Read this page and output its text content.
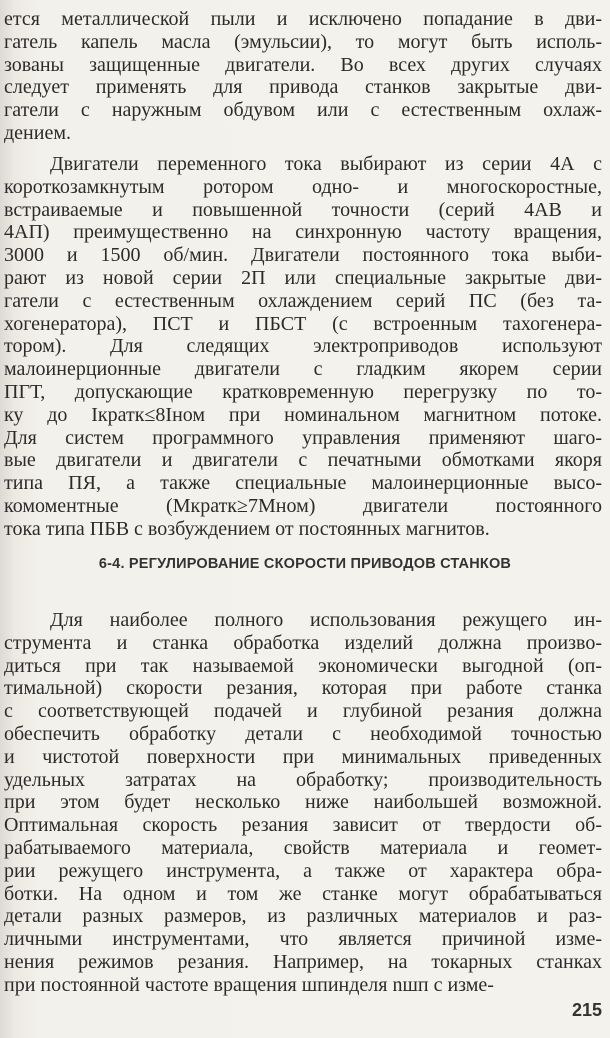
ется металлической пыли и исключено попадание в дви-
гатель капель масла (эмульсии), то могут быть исполь-
зованы защищенные двигатели. Во всех других случаях
следует применять для привода станков закрытые дви-
гатели с наружным обдувом или с естественным охлаж-
дением.
Двигатели переменного тока выбирают из серии 4А с
короткозамкнутым ротором одно- и многоскоростные,
встраиваемые и повышенной точности (серий 4АВ и
4АП) преимущественно на синхронную частоту вращения,
3000 и 1500 об/мин. Двигатели постоянного тока выби-
рают из новой серии 2П или специальные закрытые дви-
гатели с естественным охлаждением серий ПС (без та-
хогенератора), ПСТ и ПБСТ (с встроенным тахогенера-
тором). Для следящих электроприводов используют
малоинерционные двигатели с гладким якорем серии
ПГТ, допускающие кратковременную перегрузку по то-
ку до Iкратк≤8Iном при номинальном магнитном потоке.
Для систем программного управления применяют шаго-
вые двигатели и двигатели с печатными обмотками якоря
типа ПЯ, а также специальные малоинерционные высо-
комоментные (Мкратк≥7Мном) двигатели постоянного
тока типа ПБВ с возбуждением от постоянных магнитов.
6-4. РЕГУЛИРОВАНИЕ СКОРОСТИ ПРИВОДОВ СТАНКОВ
Для наиболее полного использования режущего ин-
струмента и станка обработка изделий должна произво-
диться при так называемой экономически выгодной (оп-
тимальной) скорости резания, которая при работе станка
с соответствующей подачей и глубиной резания должна
обеспечить обработку детали с необходимой точностью
и чистотой поверхности при минимальных приведенных
удельных затратах на обработку; производительность
при этом будет несколько ниже наибольшей возможной.
Оптимальная скорость резания зависит от твердости об-
рабатываемого материала, свойств материала и геомет-
рии режущего инструмента, а также от характера обра-
ботки. На одном и том же станке могут обрабатываться
детали разных размеров, из различных материалов и раз-
личными инструментами, что является причиной изме-
нения режимов резания. Например, на токарных станках
при постоянной частоте вращения шпинделя nшп с изме-
215
